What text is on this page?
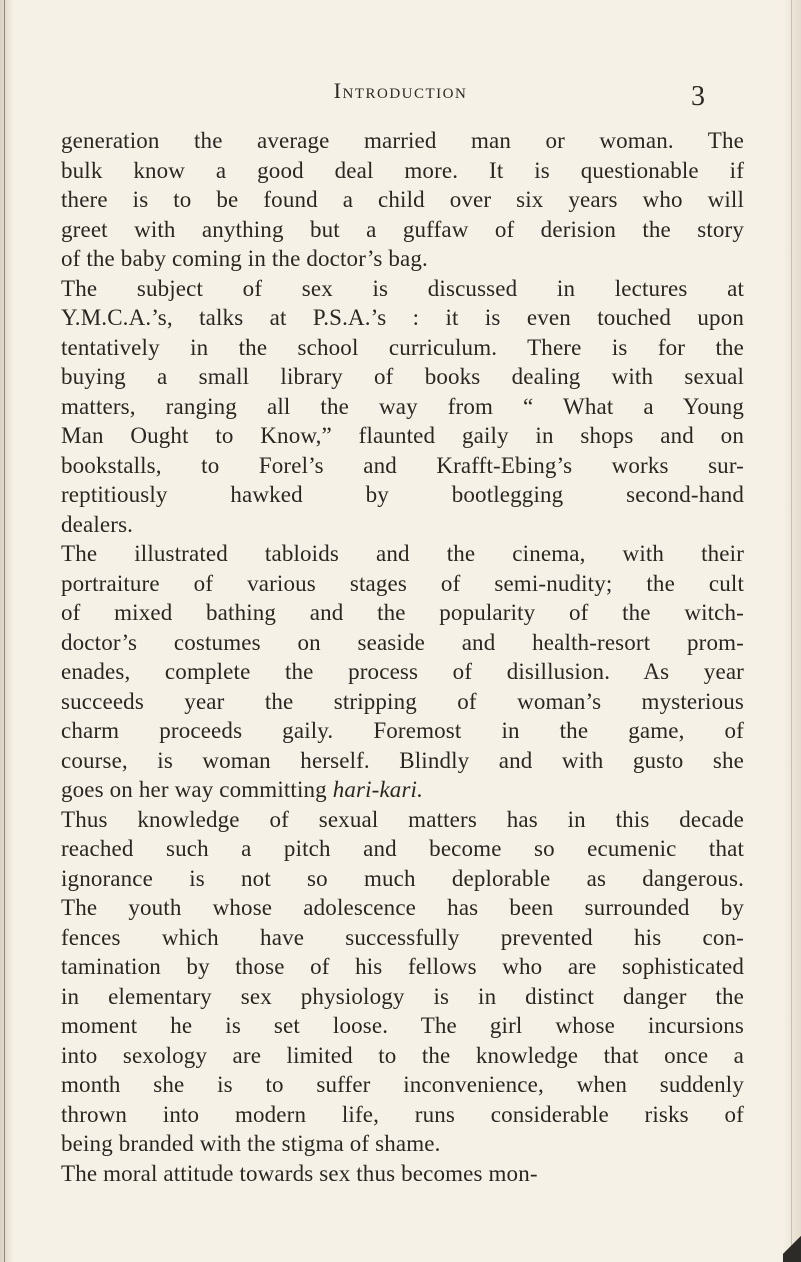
Introduction	3
generation the average married man or woman. The
bulk know a good deal more. It is questionable if
there is to be found a child over six years who will
greet with anything but a guffaw of derision the story
of the baby coming in the doctor’s bag.
The subject of sex is discussed in lectures at
Y.M.C.A.’s, talks at P.S.A.’s : it is even touched upon
tentatively in the school curriculum. There is for the
buying a small library of books dealing with sexual
matters, ranging all the way from “ What a Young
Man Ought to Know,” flaunted gaily in shops and on
bookstalls, to Forel’s and Krafft-Ebing’s works sur-
reptitiously hawked by bootlegging second-hand
dealers.
The illustrated tabloids and the cinema, with their
portraiture of various stages of semi-nudity; the cult
of mixed bathing and the popularity of the witch-
doctor’s costumes on seaside and health-resort prom-
enades, complete the process of disillusion. As year
succeeds year the stripping of woman’s mysterious
charm proceeds gaily. Foremost in the game, of
course, is woman herself. Blindly and with gusto she
goes on her way committing hari-kari.
Thus knowledge of sexual matters has in this decade
reached such a pitch and become so ecumenic that
ignorance is not so much deplorable as dangerous.
The youth whose adolescence has been surrounded by
fences which have successfully prevented his con-
tamination by those of his fellows who are sophisticated
in elementary sex physiology is in distinct danger the
moment he is set loose. The girl whose incursions
into sexology are limited to the knowledge that once a
month she is to suffer inconvenience, when suddenly
thrown into modern life, runs considerable risks of
being branded with the stigma of shame.
The moral attitude towards sex thus becomes mon-
